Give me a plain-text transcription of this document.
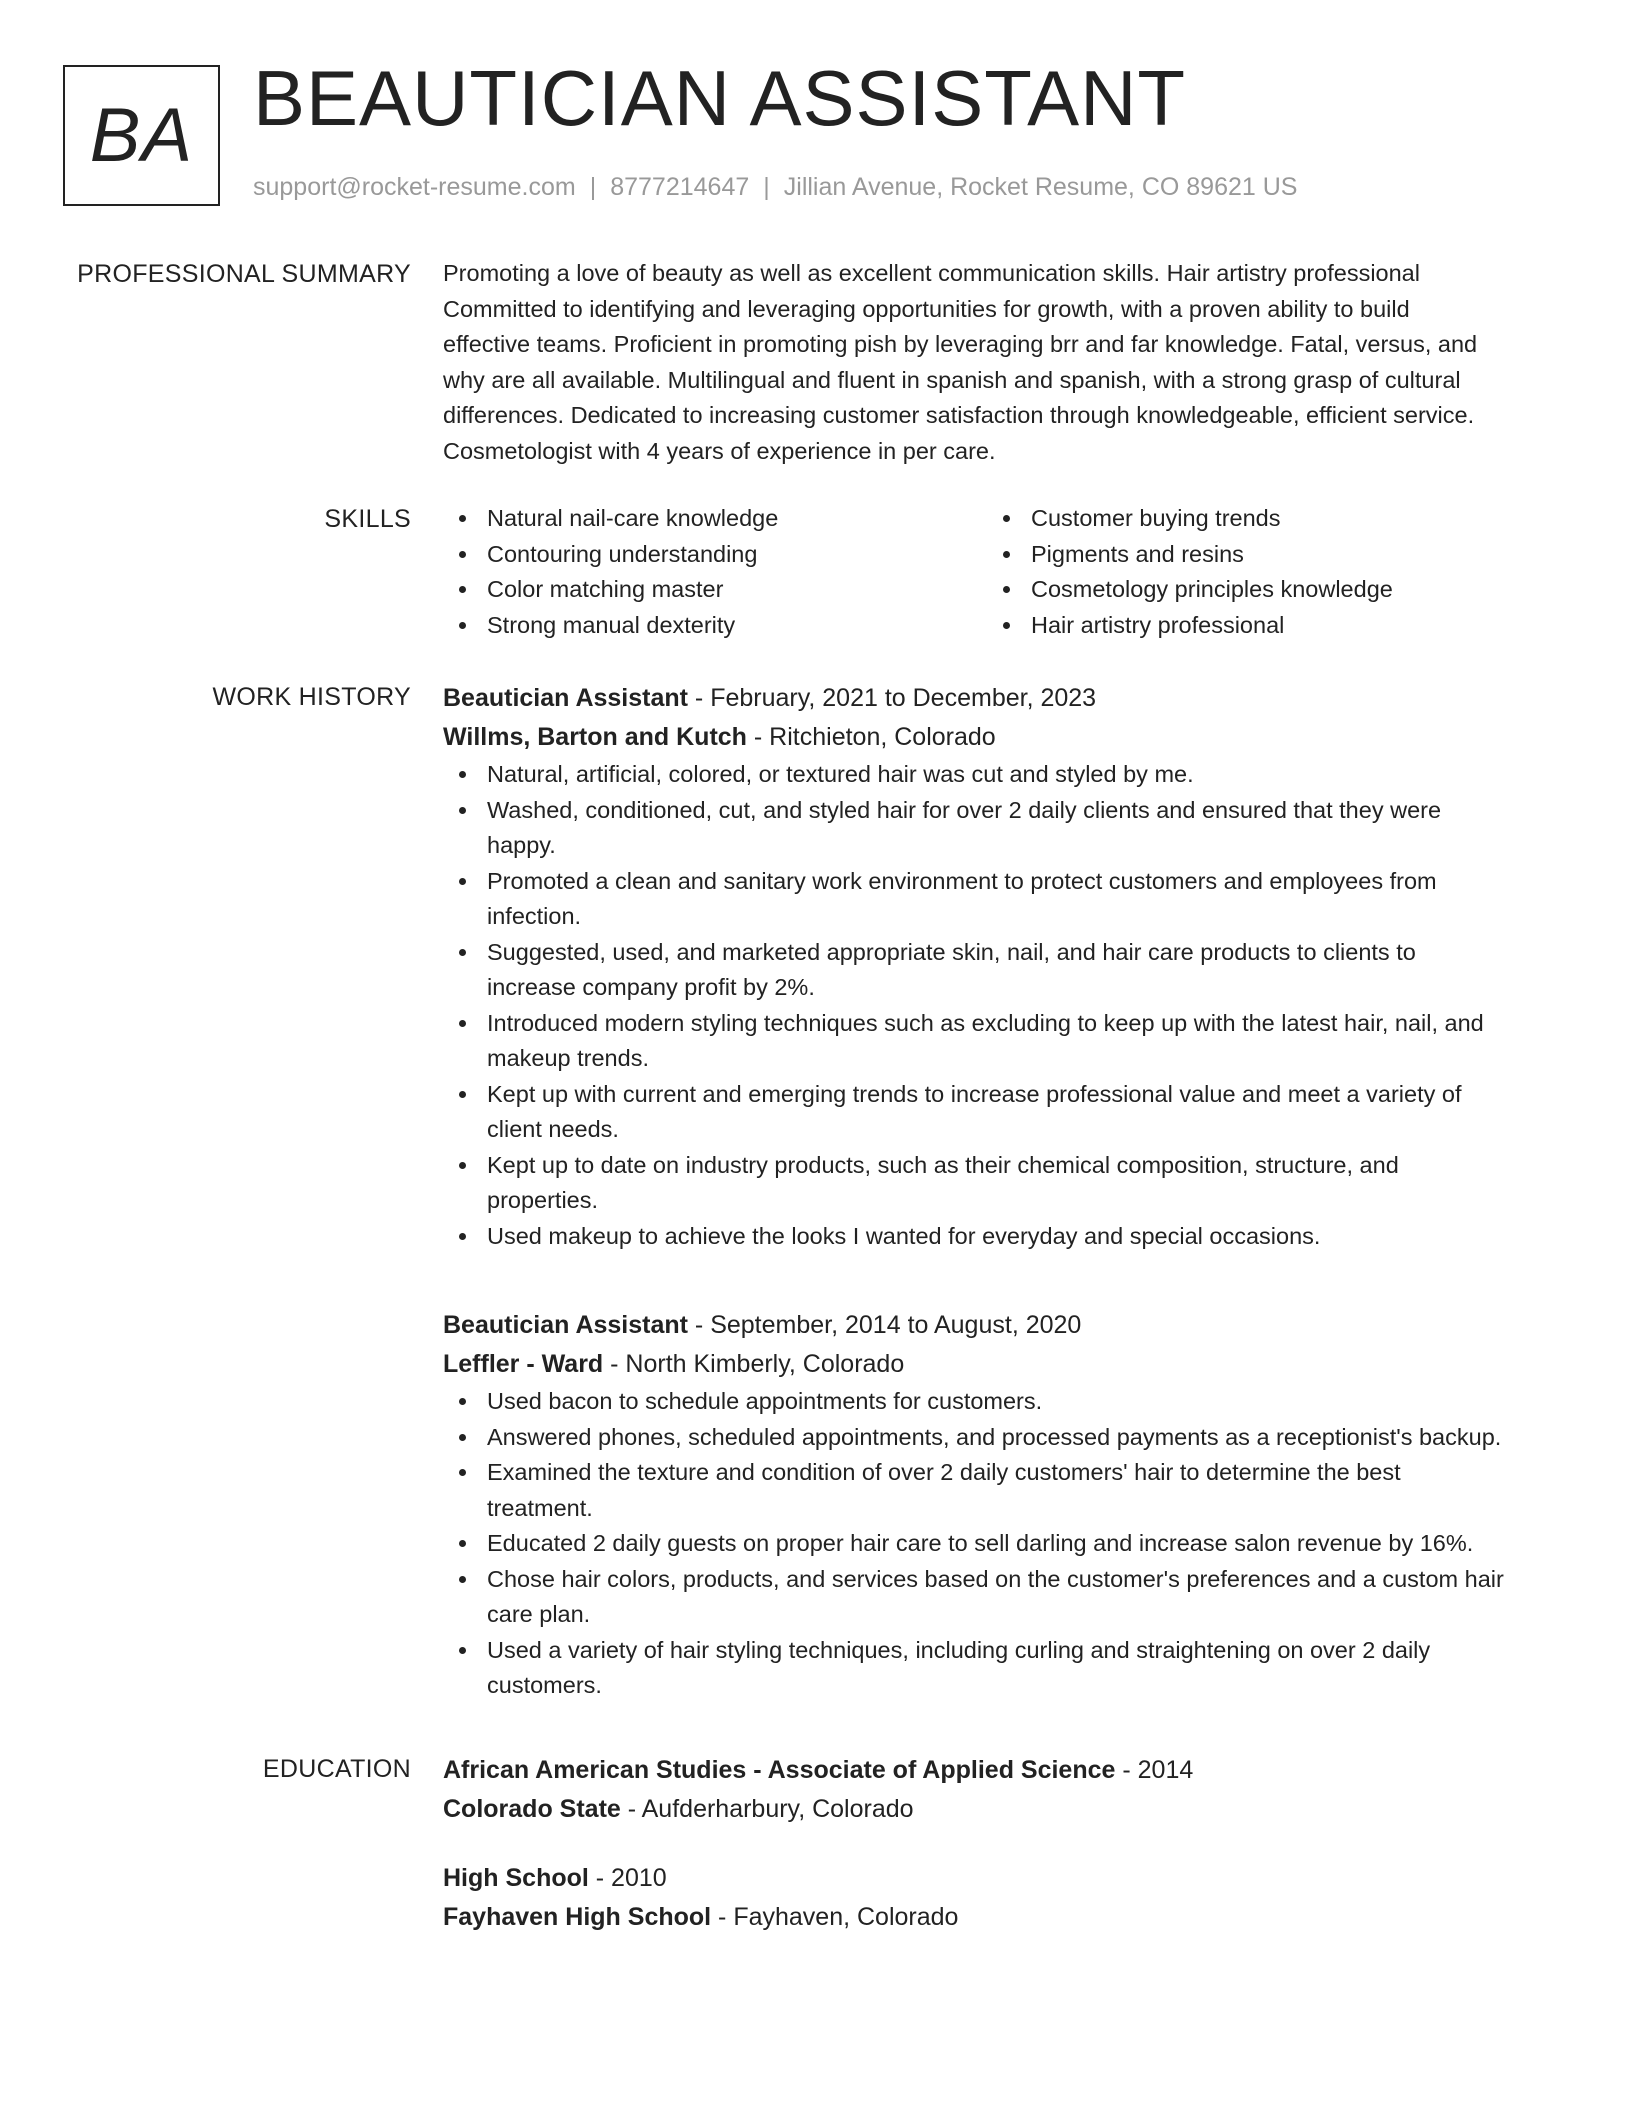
BA BEAUTICIAN ASSISTANT
support@rocket-resume.com | 8777214647 | Jillian Avenue, Rocket Resume, CO 89621 US
PROFESSIONAL SUMMARY Promoting a love of beauty as well as excellent communication skills. Hair artistry professional
Committed to identifying and leveraging opportunities for growth, with a proven ability to build
effective teams. Proficient in promoting pish by leveraging brr and far knowledge. Fatal, versus, and
why are all available. Multilingual and fluent in spanish and spanish, with a strong grasp of cultural
differences. Dedicated to increasing customer satisfaction through knowledgeable, efficient service.
Cosmetologist with 4 years of experience in per care.

SKILLS	Natural nail-care knowledge
Contouring understanding
Color matching master
Strong manual dexterity
Customer buying trends
Pigments and resins
Cosmetology principles knowledge
Hair artistry professional
WORK HISTORY Beautician Assistant - February, 2021 to December, 2023
Willms, Barton and Kutch - Ritchieton, Colorado
Natural, artificial, colored, or textured hair was cut and styled by me.
Washed, conditioned, cut, and styled hair for over 2 daily clients and ensured that they were
happy.
Promoted a clean and sanitary work environment to protect customers and employees from
infection.
Suggested, used, and marketed appropriate skin, nail, and hair care products to clients to
increase company profit by 2%.
Introduced modern styling techniques such as excluding to keep up with the latest hair, nail, and
makeup trends.
Kept up with current and emerging trends to increase professional value and meet a variety of
client needs.
Kept up to date on industry products, such as their chemical composition, structure, and
properties.
Used makeup to achieve the looks I wanted for everyday and special occasions.
Beautician Assistant - September, 2014 to August, 2020
Leffler - Ward - North Kimberly, Colorado
Used bacon to schedule appointments for customers.
Answered phones, scheduled appointments, and processed payments as a receptionist's backup.
Examined the texture and condition of over 2 daily customers' hair to determine the best
treatment.
Educated 2 daily guests on proper hair care to sell darling and increase salon revenue by 16%.
Chose hair colors, products, and services based on the customer's preferences and a custom hair
care plan.
Used a variety of hair styling techniques, including curling and straightening on over 2 daily
customers.
EDUCATION African American Studies - Associate of Applied Science - 2014
Colorado State - Aufderharbury, Colorado
High School - 2010
Fayhaven High School - Fayhaven, Colorado
